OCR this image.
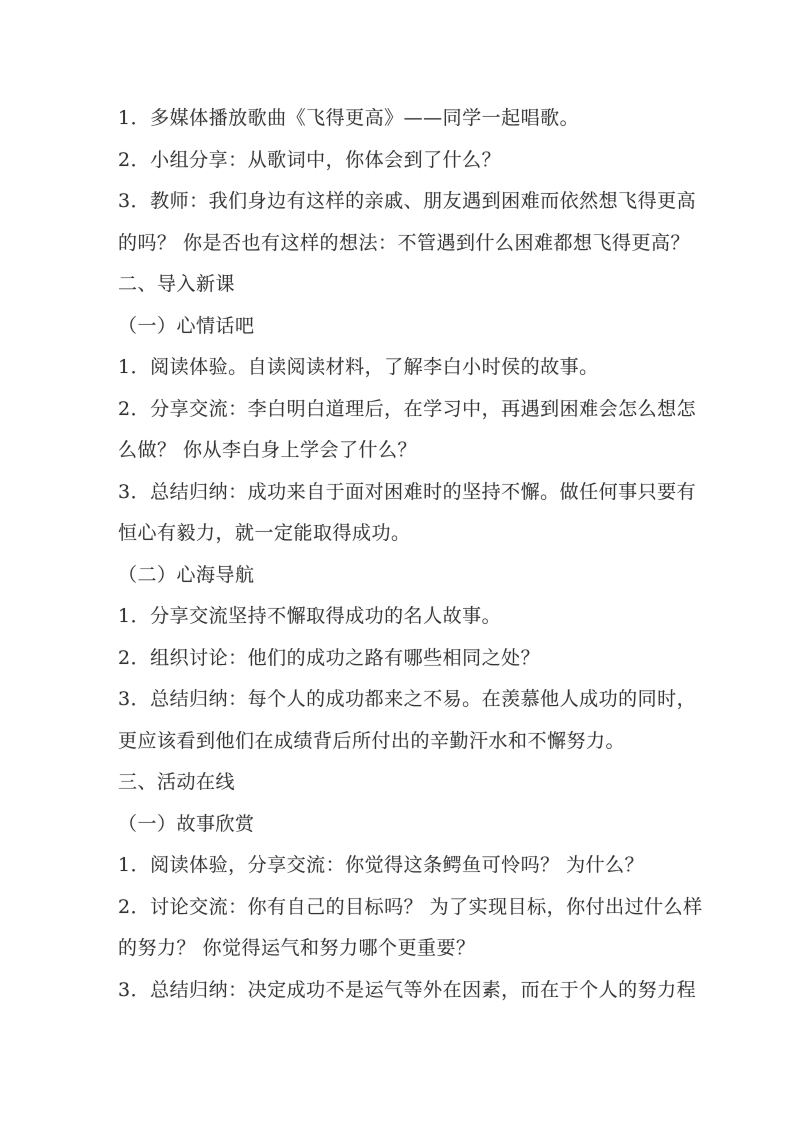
1．多媒体播放歌曲《飞得更高》——同学一起唱歌。
2．小组分享：从歌词中，你体会到了什么？
3．教师：我们身边有这样的亲戚、朋友遇到困难而依然想飞得更高
的吗？ 你是否也有这样的想法：不管遇到什么困难都想飞得更高？
二、导入新课
（一）心情话吧
1．阅读体验。自读阅读材料，了解李白小时侯的故事。
2．分享交流：李白明白道理后，在学习中，再遇到困难会怎么想怎
么做？ 你从李白身上学会了什么？
3．总结归纳：成功来自于面对困难时的坚持不懈。做任何事只要有
恒心有毅力，就一定能取得成功。
（二）心海导航
1．分享交流坚持不懈取得成功的名人故事。
2．组织讨论：他们的成功之路有哪些相同之处？
3．总结归纳：每个人的成功都来之不易。在羡慕他人成功的同时，
更应该看到他们在成绩背后所付出的辛勤汗水和不懈努力。
三、活动在线
（一）故事欣赏
1．阅读体验，分享交流：你觉得这条鳄鱼可怜吗？ 为什么？
2．讨论交流：你有自己的目标吗？ 为了实现目标，你付出过什么样
的努力？ 你觉得运气和努力哪个更重要？
3．总结归纳：决定成功不是运气等外在因素，而在于个人的努力程
